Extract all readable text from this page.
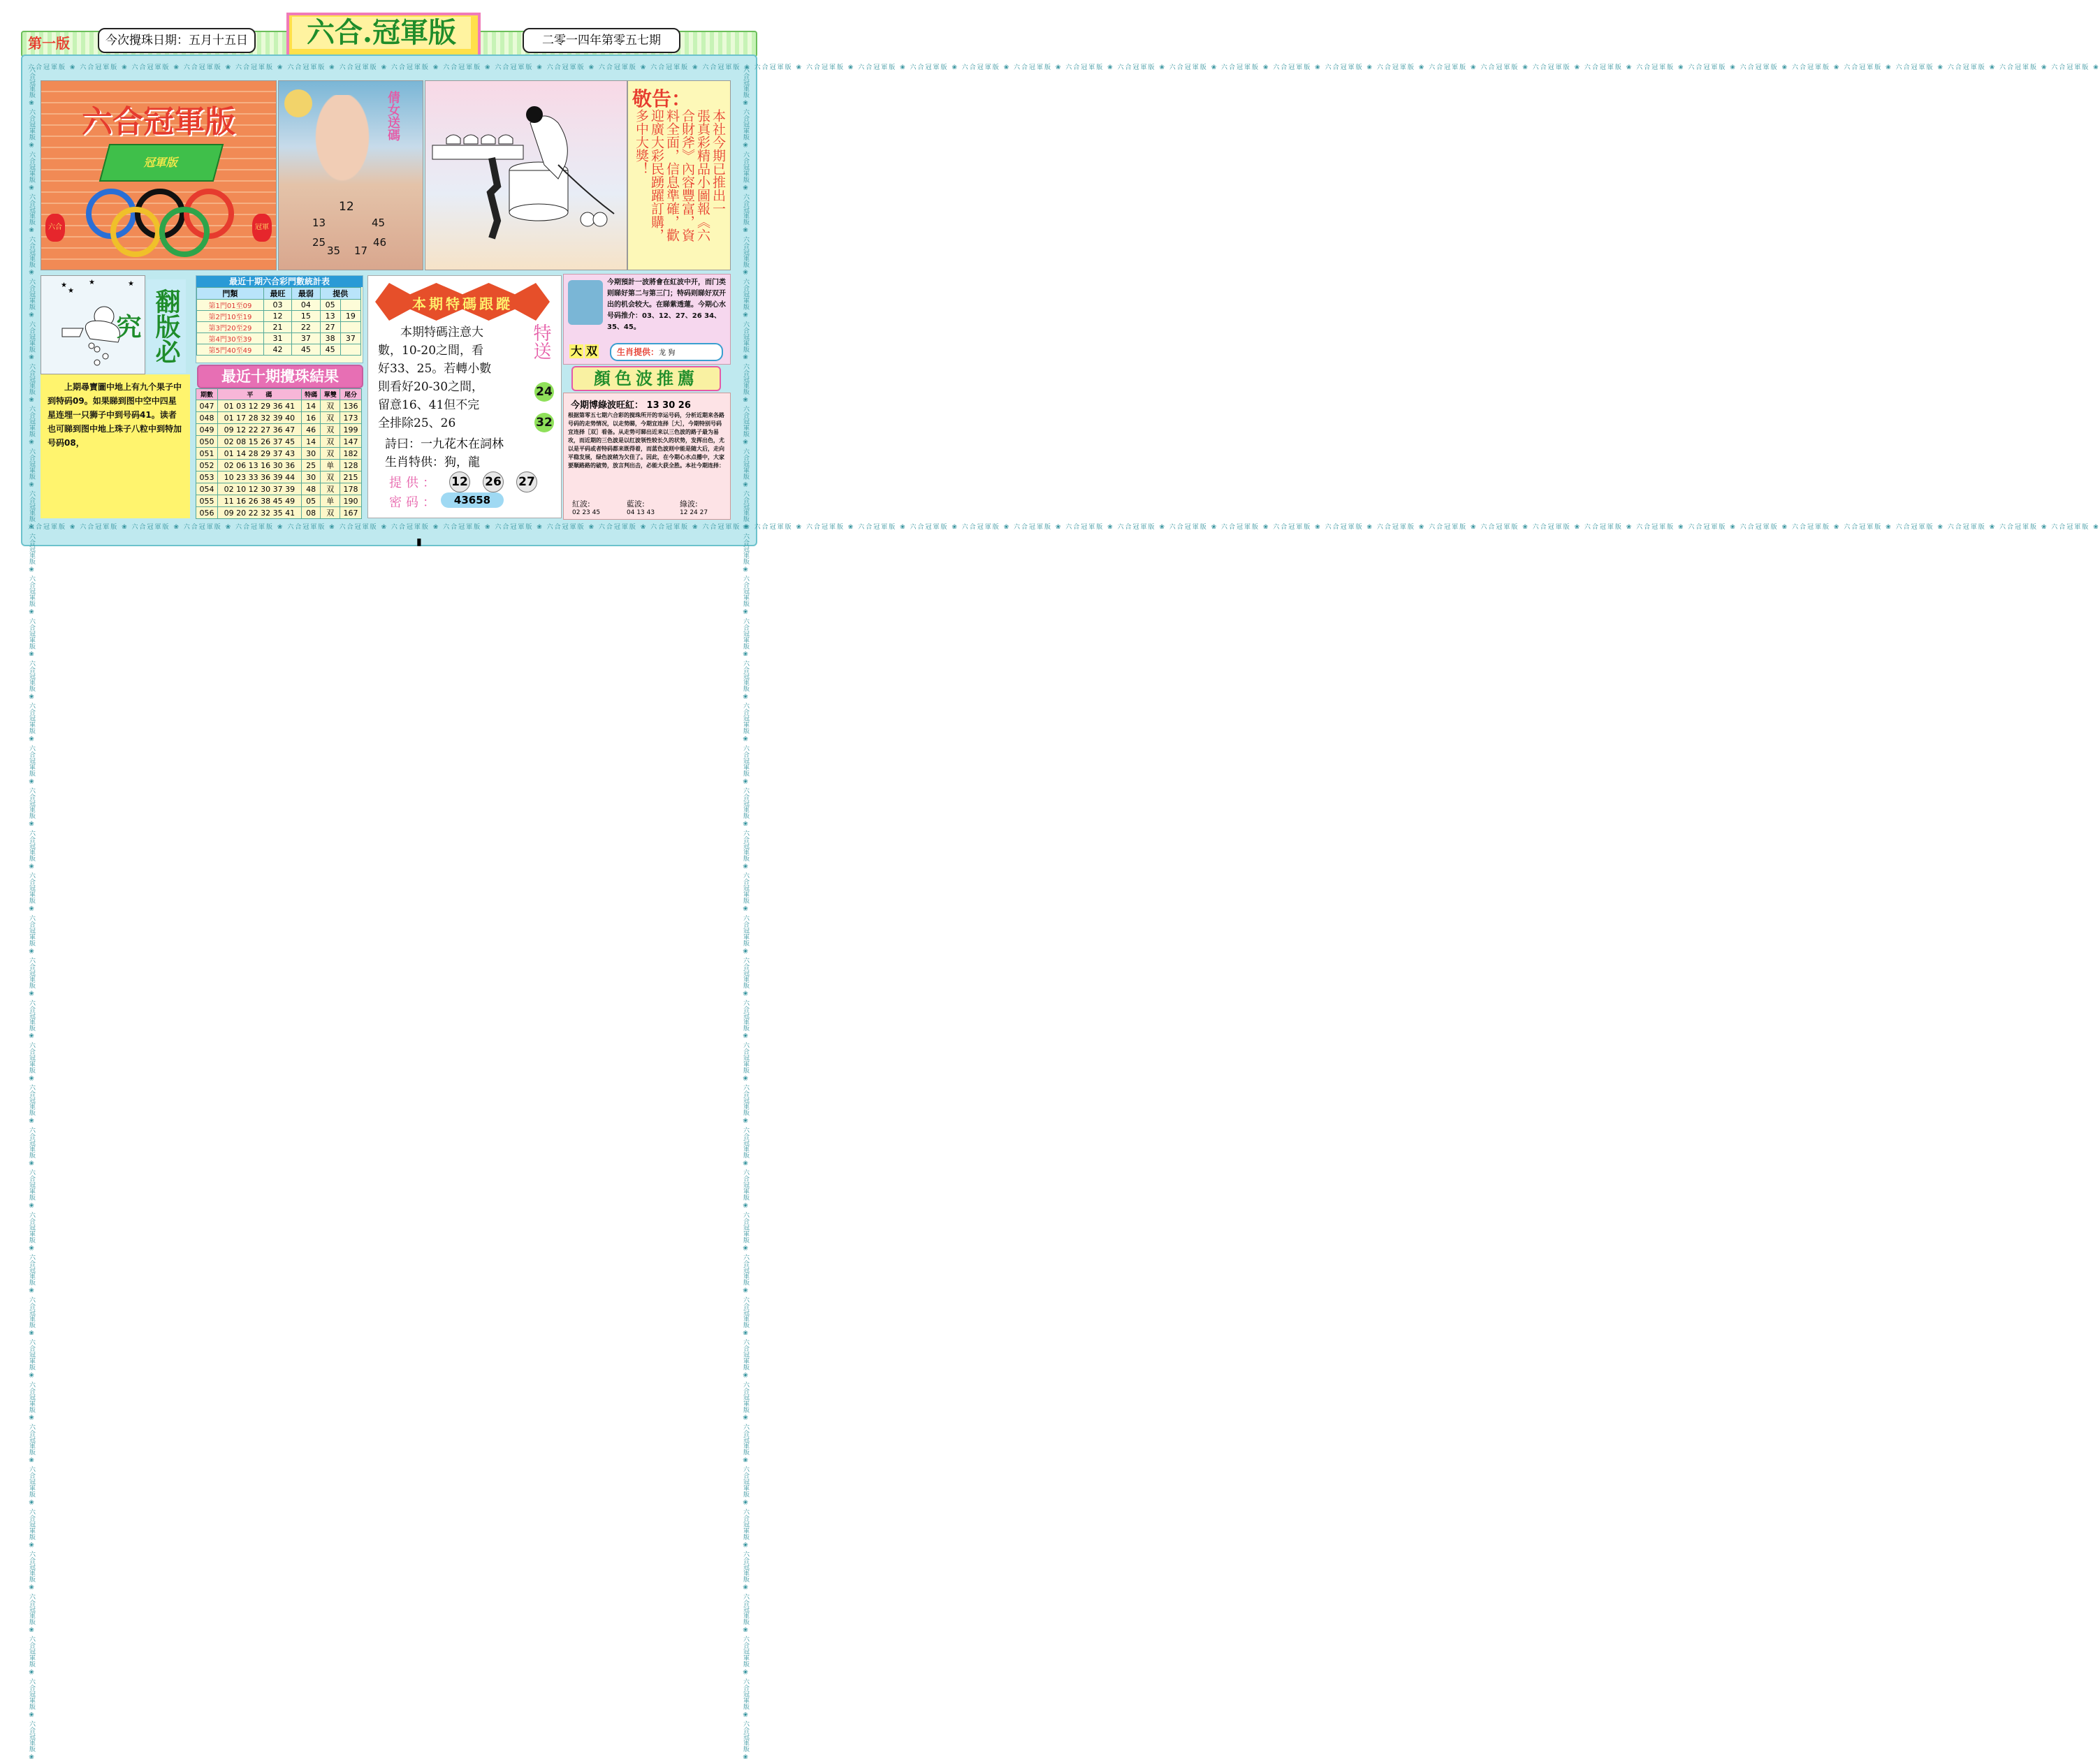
第一版	今次攪珠日期：五月十五日	六合.冠軍版	二零一四年第零五七期
六合冠軍版 ❀ 六合冠軍版 ❀ 六合冠軍版 ❀ 六合冠軍版 ❀ 六合冠軍版 ❀ 六合冠軍版 ❀ 六合冠軍版 ❀ 六合冠軍版 ❀ 六合冠軍版 ❀ 六合冠軍版 ❀ 六合冠軍版 ❀ 六合冠軍版 ❀ 六合冠軍版 ❀ 六合冠軍版 ❀ 六合冠軍版 ❀ 六合冠軍版 ❀ 六合冠軍版 ❀ 六合冠軍版 ❀ 六合冠軍版 ❀ 六合冠軍版 ❀ 六合冠軍版 ❀ 六合冠軍版 ❀ 六合冠軍版 ❀ 六合冠軍版 ❀ 六合冠軍版 ❀ 六合冠軍版 ❀ 六合冠軍版 ❀ 六合冠軍版 ❀ 六合冠軍版 ❀ 六合冠軍版 ❀ 六合冠軍版 ❀ 六合冠軍版 ❀ 六合冠軍版 ❀ 六合冠軍版 ❀ 六合冠軍版 ❀ 六合冠軍版 ❀ 六合冠軍版 ❀ 六合冠軍版 ❀ 六合冠軍版 ❀ 六合冠軍版 ❀
六合冠軍版 ❀ 六合冠軍版 ❀ 六合冠軍版 ❀ 六合冠軍版 ❀ 六合冠軍版 ❀ 六合冠軍版 ❀ 六合冠軍版 ❀ 六合冠軍版 ❀ 六合冠軍版 ❀ 六合冠軍版 ❀ 六合冠軍版 ❀ 六合冠軍版 ❀ 六合冠軍版 ❀ 六合冠軍版 ❀ 六合冠軍版 ❀ 六合冠軍版 ❀ 六合冠軍版 ❀ 六合冠軍版 ❀ 六合冠軍版 ❀ 六合冠軍版 ❀ 六合冠軍版 ❀ 六合冠軍版 ❀ 六合冠軍版 ❀ 六合冠軍版 ❀ 六合冠軍版 ❀ 六合冠軍版 ❀ 六合冠軍版 ❀ 六合冠軍版 ❀ 六合冠軍版 ❀ 六合冠軍版 ❀ 六合冠軍版 ❀ 六合冠軍版 ❀ 六合冠軍版 ❀ 六合冠軍版 ❀ 六合冠軍版 ❀ 六合冠軍版 ❀ 六合冠軍版 ❀ 六合冠軍版 ❀ 六合冠軍版 ❀ 六合冠軍版 ❀
六合冠軍版 ❀ 六合冠軍版 ❀ 六合冠軍版 ❀ 六合冠軍版 ❀ 六合冠軍版 ❀ 六合冠軍版 ❀ 六合冠軍版 ❀ 六合冠軍版 ❀ 六合冠軍版 ❀ 六合冠軍版 ❀ 六合冠軍版 ❀ 六合冠軍版 ❀ 六合冠軍版 ❀ 六合冠軍版 ❀ 六合冠軍版 ❀ 六合冠軍版 ❀ 六合冠軍版 ❀ 六合冠軍版 ❀ 六合冠軍版 ❀ 六合冠軍版 ❀ 六合冠軍版 ❀ 六合冠軍版 ❀ 六合冠軍版 ❀ 六合冠軍版 ❀ 六合冠軍版 ❀ 六合冠軍版 ❀ 六合冠軍版 ❀ 六合冠軍版 ❀ 六合冠軍版 ❀ 六合冠軍版 ❀ 六合冠軍版 ❀ 六合冠軍版 ❀ 六合冠軍版 ❀ 六合冠軍版 ❀ 六合冠軍版 ❀ 六合冠軍版 ❀ 六合冠軍版 ❀ 六合冠軍版 ❀ 六合冠軍版 ❀ 六合冠軍版 ❀	六合冠軍版 ❀ 六合冠軍版 ❀ 六合冠軍版 ❀ 六合冠軍版 ❀ 六合冠軍版 ❀ 六合冠軍版 ❀ 六合冠軍版 ❀ 六合冠軍版 ❀ 六合冠軍版 ❀ 六合冠軍版 ❀ 六合冠軍版 ❀ 六合冠軍版 ❀ 六合冠軍版 ❀ 六合冠軍版 ❀ 六合冠軍版 ❀ 六合冠軍版 ❀ 六合冠軍版 ❀ 六合冠軍版 ❀ 六合冠軍版 ❀ 六合冠軍版 ❀ 六合冠軍版 ❀ 六合冠軍版 ❀ 六合冠軍版 ❀ 六合冠軍版 ❀ 六合冠軍版 ❀ 六合冠軍版 ❀ 六合冠軍版 ❀ 六合冠軍版 ❀ 六合冠軍版 ❀ 六合冠軍版 ❀ 六合冠軍版 ❀ 六合冠軍版 ❀ 六合冠軍版 ❀ 六合冠軍版 ❀ 六合冠軍版 ❀ 六合冠軍版 ❀ 六合冠軍版 ❀ 六合冠軍版 ❀ 六合冠軍版 ❀ 六合冠軍版 ❀
六合冠軍版
六合	冠軍
冠軍版
倩女送碼
12
13	45
25	46
35 17
敬告：
本社今期已推出一
張真彩精品小圖報《六
合財斧》內容豐富，資
料全面，信息準確，歡
迎廣大彩民踴躍訂購，
多中大獎！
★
★
★	★
翻版必究
上期尋寶圖中地上有九个果子中到特码09。如果睇到图中空中四星星连埋一只狮子中到号码41。读者也可睇到图中地上珠子八粒中到特加号码08，
最近十期六合彩門數統計表
門類	最旺	最弱	提供	
第1門01至09	03	04	05	
第2門10至19	12	15	13	19
第3門20至29	21	22	27	
第4門30至39	31	37	38	37
第5門40至49	42	45	45	
最近十期攪珠結果
期數	平　　 碼	特碼	單雙	尾分
047	01 03 12 29 36 41	14	双	136
048	01 17 28 32 39 40	16	双	173
049	09 12 22 27 36 47	46	双	199
050	02 08 15 26 37 45	14	双	147
051	01 14 28 29 37 43	30	双	182
052	02 06 13 16 30 36	25	单	128
053	10 23 33 36 39 44	30	双	215
054	02 10 12 30 37 39	48	双	178
055	11 16 26 38 45 49	05	单	190
056	09 20 22 32 35 41	08	双	167
本期特碼跟蹤
本期特碼注意大
數，10-20之間，看
好33、25。若轉小數
則看好20-30之間，
留意16、41但不完
全排除25、26
特送
24
32
詩曰：一九花木在詞林
生肖特供：狗，龍
提供： 12 26 27
密码：	43658
今期預計一波將會在紅波中开，而门类则睇好第二与第三门；特码则睇好双开出的机会较大。在睇紫透蓮。今期心水号码推介：03、12、27、26 34、35、45。
大 双	生肖提供：龙 狗
顏色波推薦
今期博綠波旺紅： 13 30 26
根据第零五七期六合彩的搅珠所开的幸运号码，分析近期来各路号码的走势情况，以走势睇，今期宜连择［大］，今期特别号码宜连择［双］看备。从走势可睇出近来以三色波的路子最为易攻，而近期的三色波是以红波领性较长久的状势，发挥出色，尤以是平码或者特码都来既得着，而蓝色波则中能是随大后，走向平稳发展，绿色波稍为欠佳了。因此，在今期心水点播中，大家要顺路路的破势，放言判出击，必能大获全胜。本社今期连择：
紅波:
02 23 45
藍波:
04 13 43
綠波:
12 24 27
▮
